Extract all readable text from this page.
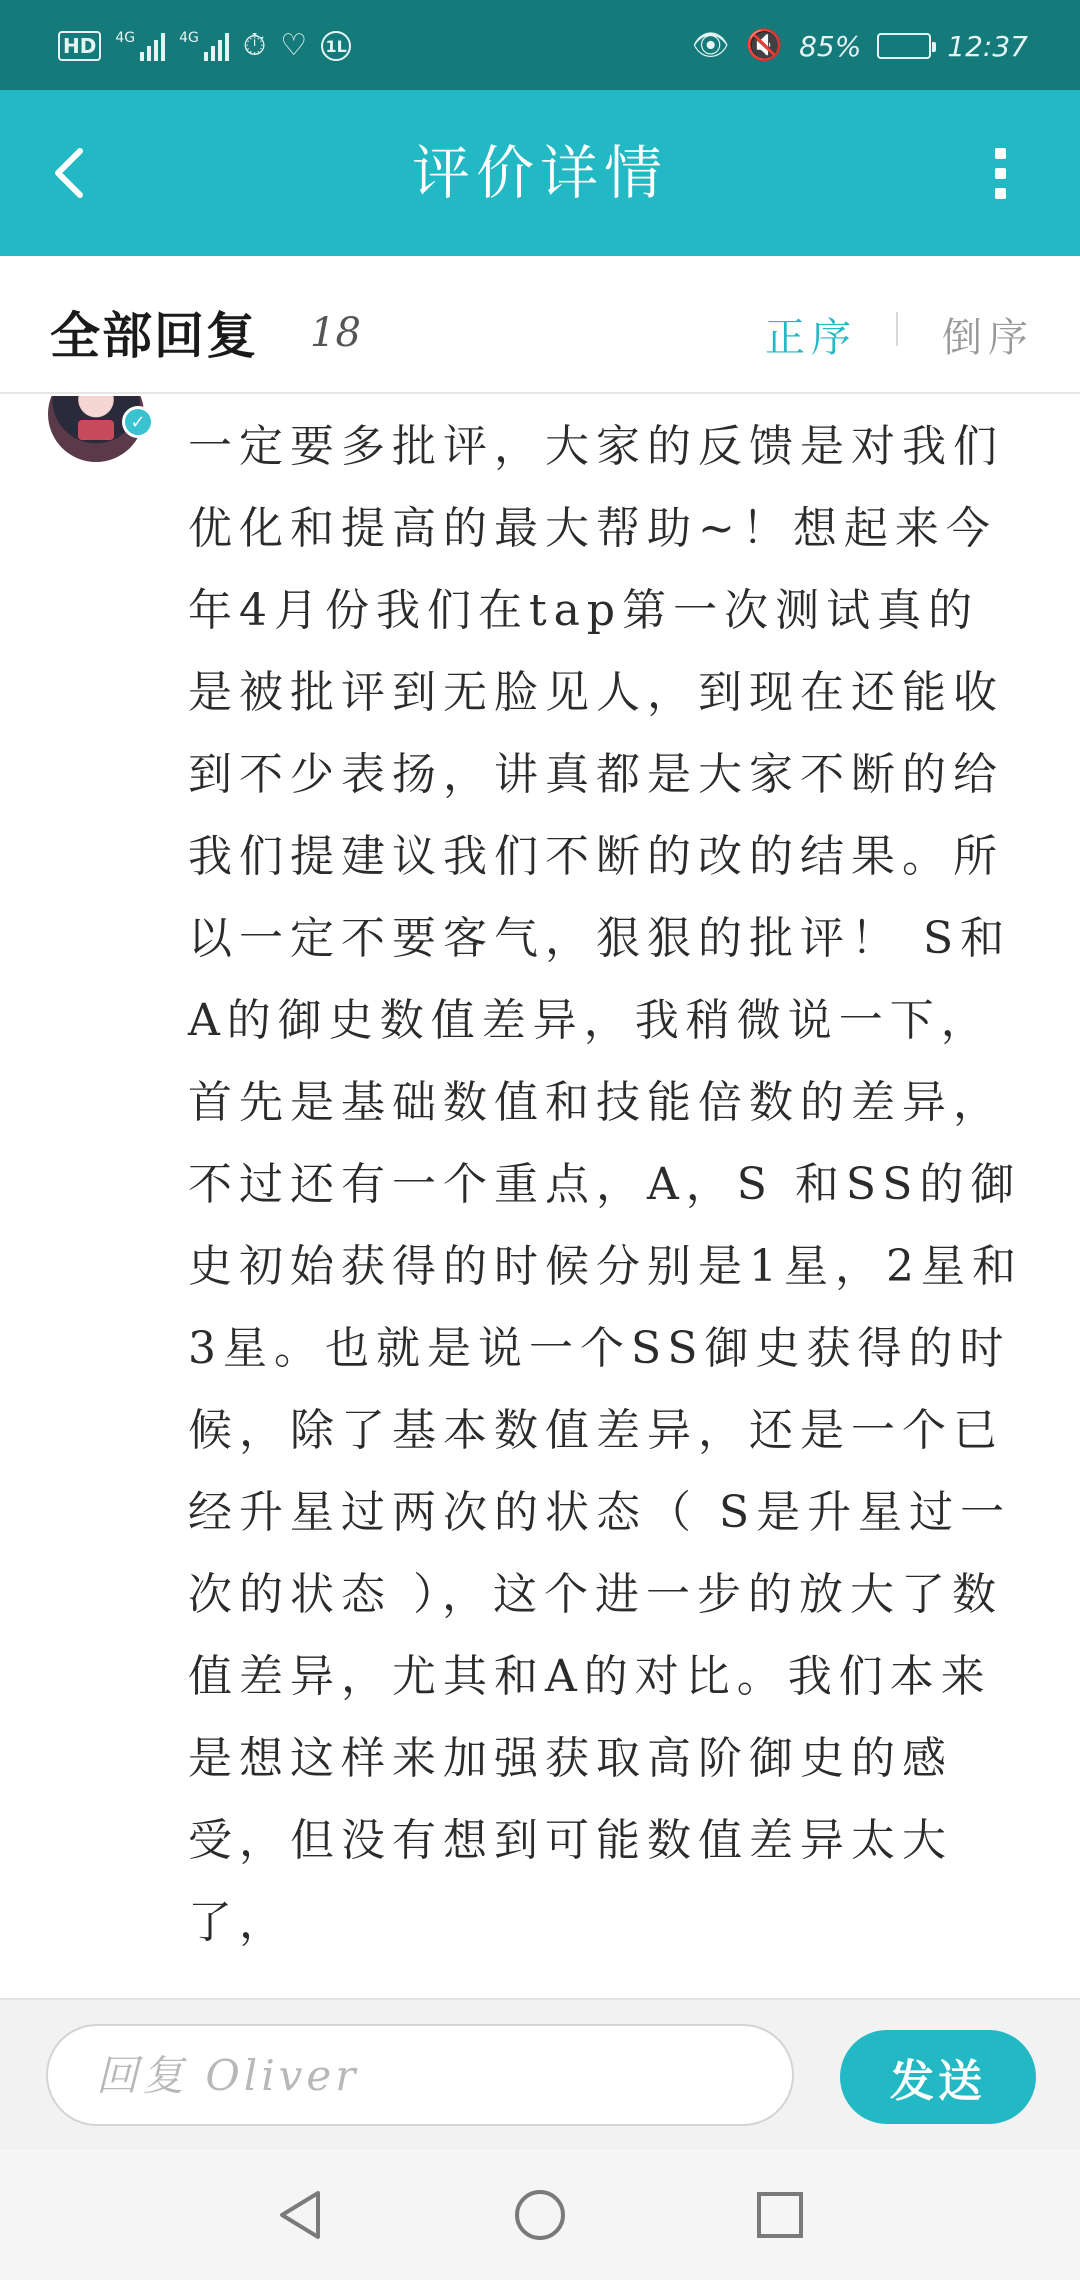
HD	4G	4G ⏱ ♡ 1L	👁 🔇 85%	12:37
评价详情
全部回复 18	正序 倒序
✓ 一定要多批评，大家的反馈是对我们优化和提高的最大帮助~！想起来今年4月份我们在tap第一次测试真的是被批评到无脸见人，到现在还能收到不少表扬，讲真都是大家不断的给我们提建议我们不断的改的结果。所以一定不要客气，狠狠的批评！ S和A的御史数值差异，我稍微说一下，首先是基础数值和技能倍数的差异，不过还有一个重点，A，S 和SS的御史初始获得的时候分别是1星，2星和3星。也就是说一个SS御史获得的时候，除了基本数值差异，还是一个已经升星过两次的状态（ S是升星过一次的状态 ），这个进一步的放大了数值差异，尤其和A的对比。我们本来是想这样来加强获取高阶御史的感受，但没有想到可能数值差异太大了，
回复 Oliver
发送
